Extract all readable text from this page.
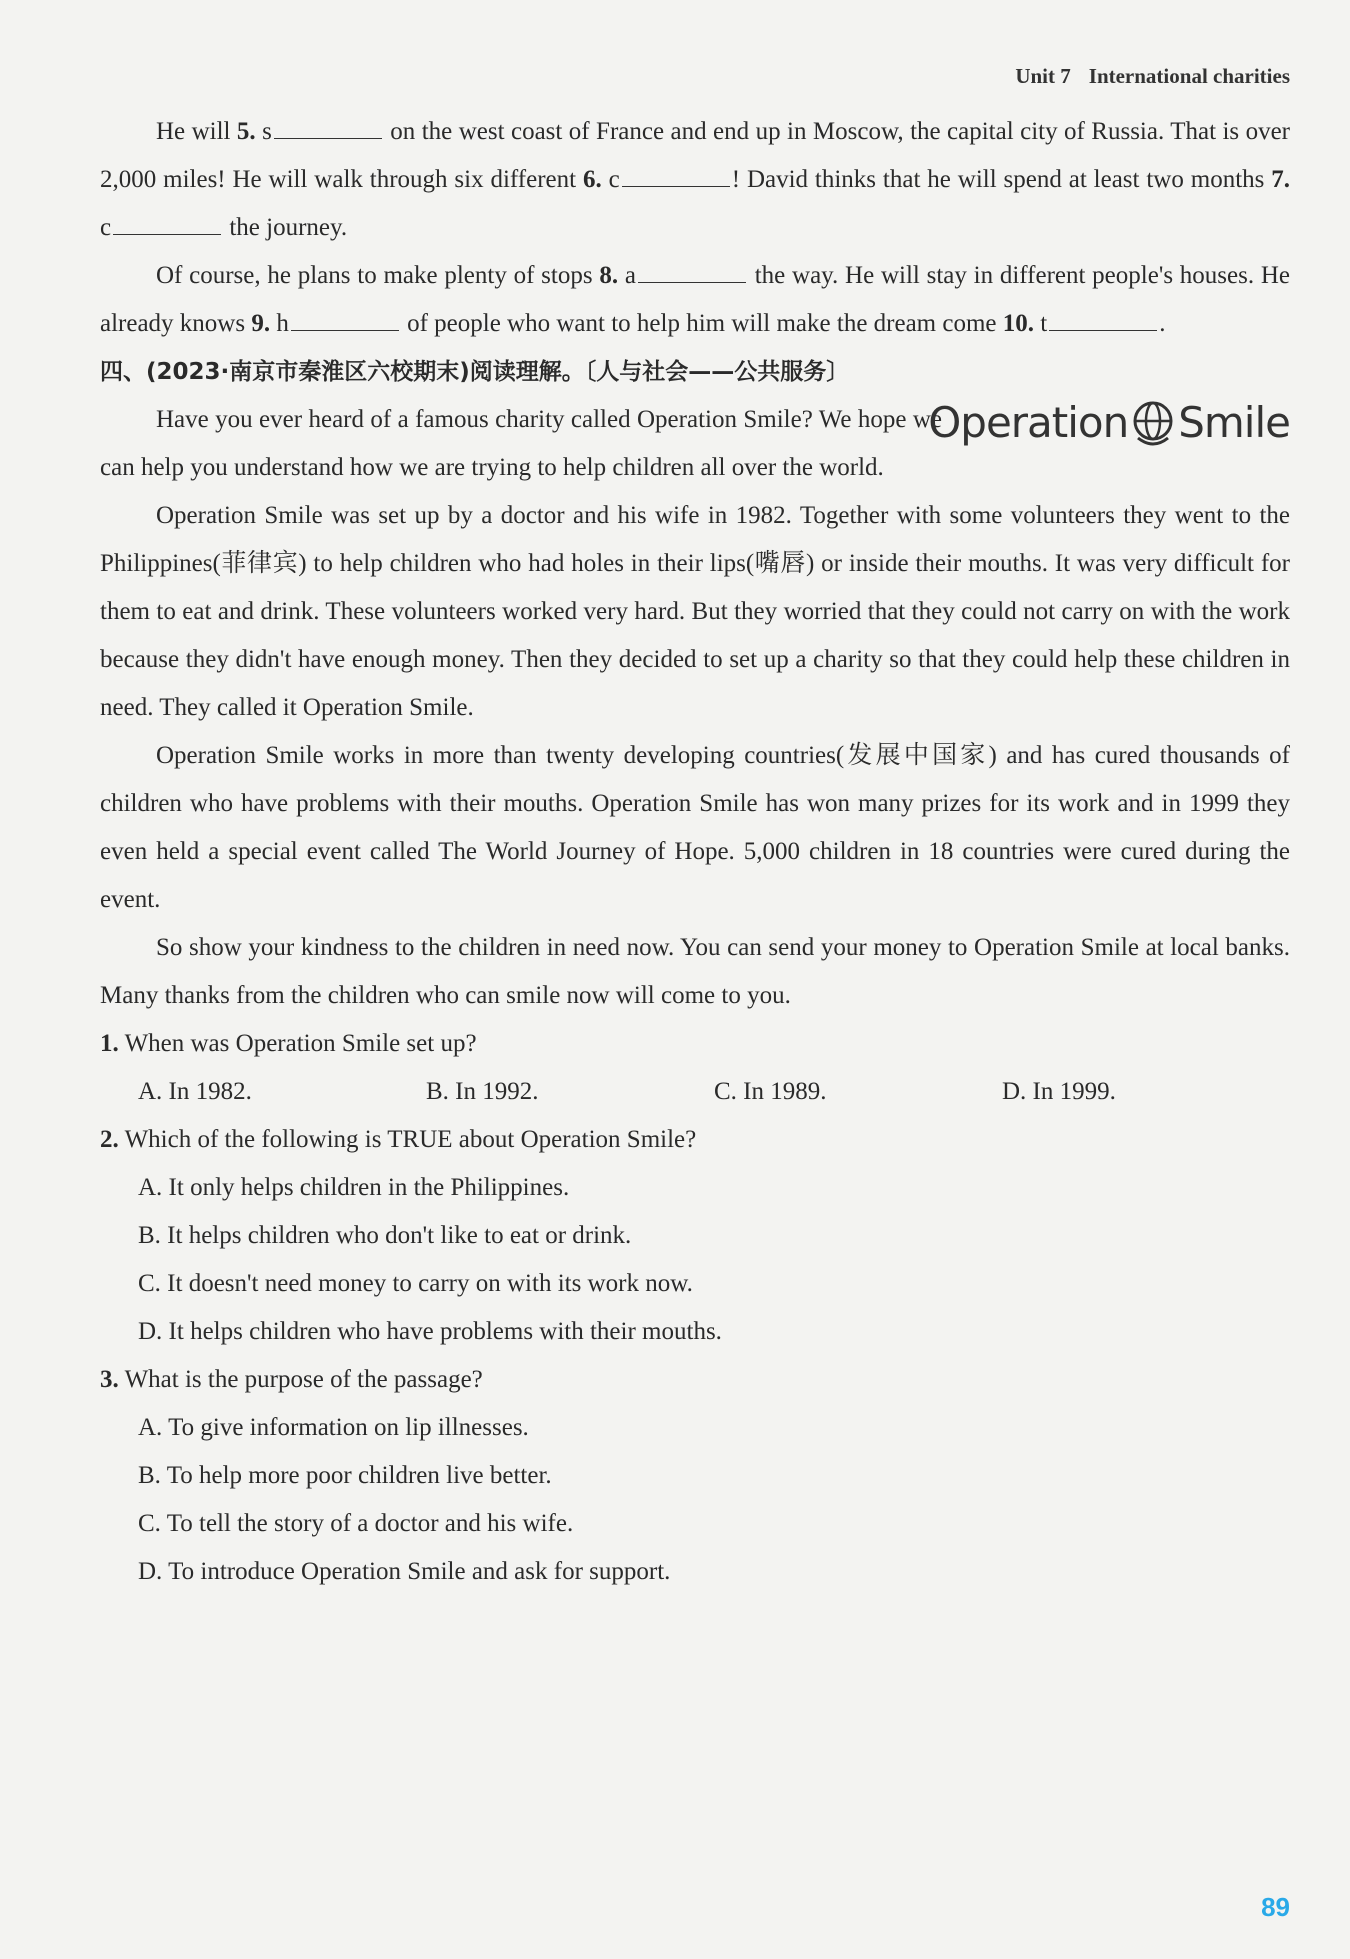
Unit 7 International charities

He will 5. s	on the west coast of France and end up in Moscow, the capital city of Russia. That is over 2,000 miles! He will walk through six different 6. c	! David thinks that he will spend at least two months 7. c	the journey.

Of course, he plans to make plenty of stops 8. a	the way. He will stay in different people's houses. He already knows 9. h	of people who want to help him will make the dream come 10. t	.

四、(2023·南京市秦淮区六校期末)阅读理解。〔人与社会——公共服务〕

Operation Smile

Have you ever heard of a famous charity called Operation Smile? We hope we can help you understand how we are trying to help children all over the world.

Operation Smile was set up by a doctor and his wife in 1982. Together with some volunteers they went to the Philippines(菲律宾) to help children who had holes in their lips(嘴唇) or inside their mouths. It was very difficult for them to eat and drink. These volunteers worked very hard. But they worried that they could not carry on with the work because they didn't have enough money. Then they decided to set up a charity so that they could help these children in need. They called it Operation Smile.

Operation Smile works in more than twenty developing countries(发展中国家) and has cured thousands of children who have problems with their mouths. Operation Smile has won many prizes for its work and in 1999 they even held a special event called The World Journey of Hope. 5,000 children in 18 countries were cured during the event.

So show your kindness to the children in need now. You can send your money to Operation Smile at local banks. Many thanks from the children who can smile now will come to you.

1. When was Operation Smile set up?
A. In 1982.	B. In 1992.	C. In 1989.	D. In 1999.
2. Which of the following is TRUE about Operation Smile?
A. It only helps children in the Philippines.
B. It helps children who don't like to eat or drink.
C. It doesn't need money to carry on with its work now.
D. It helps children who have problems with their mouths.
3. What is the purpose of the passage?
A. To give information on lip illnesses.
B. To help more poor children live better.
C. To tell the story of a doctor and his wife.
D. To introduce Operation Smile and ask for support.
89
